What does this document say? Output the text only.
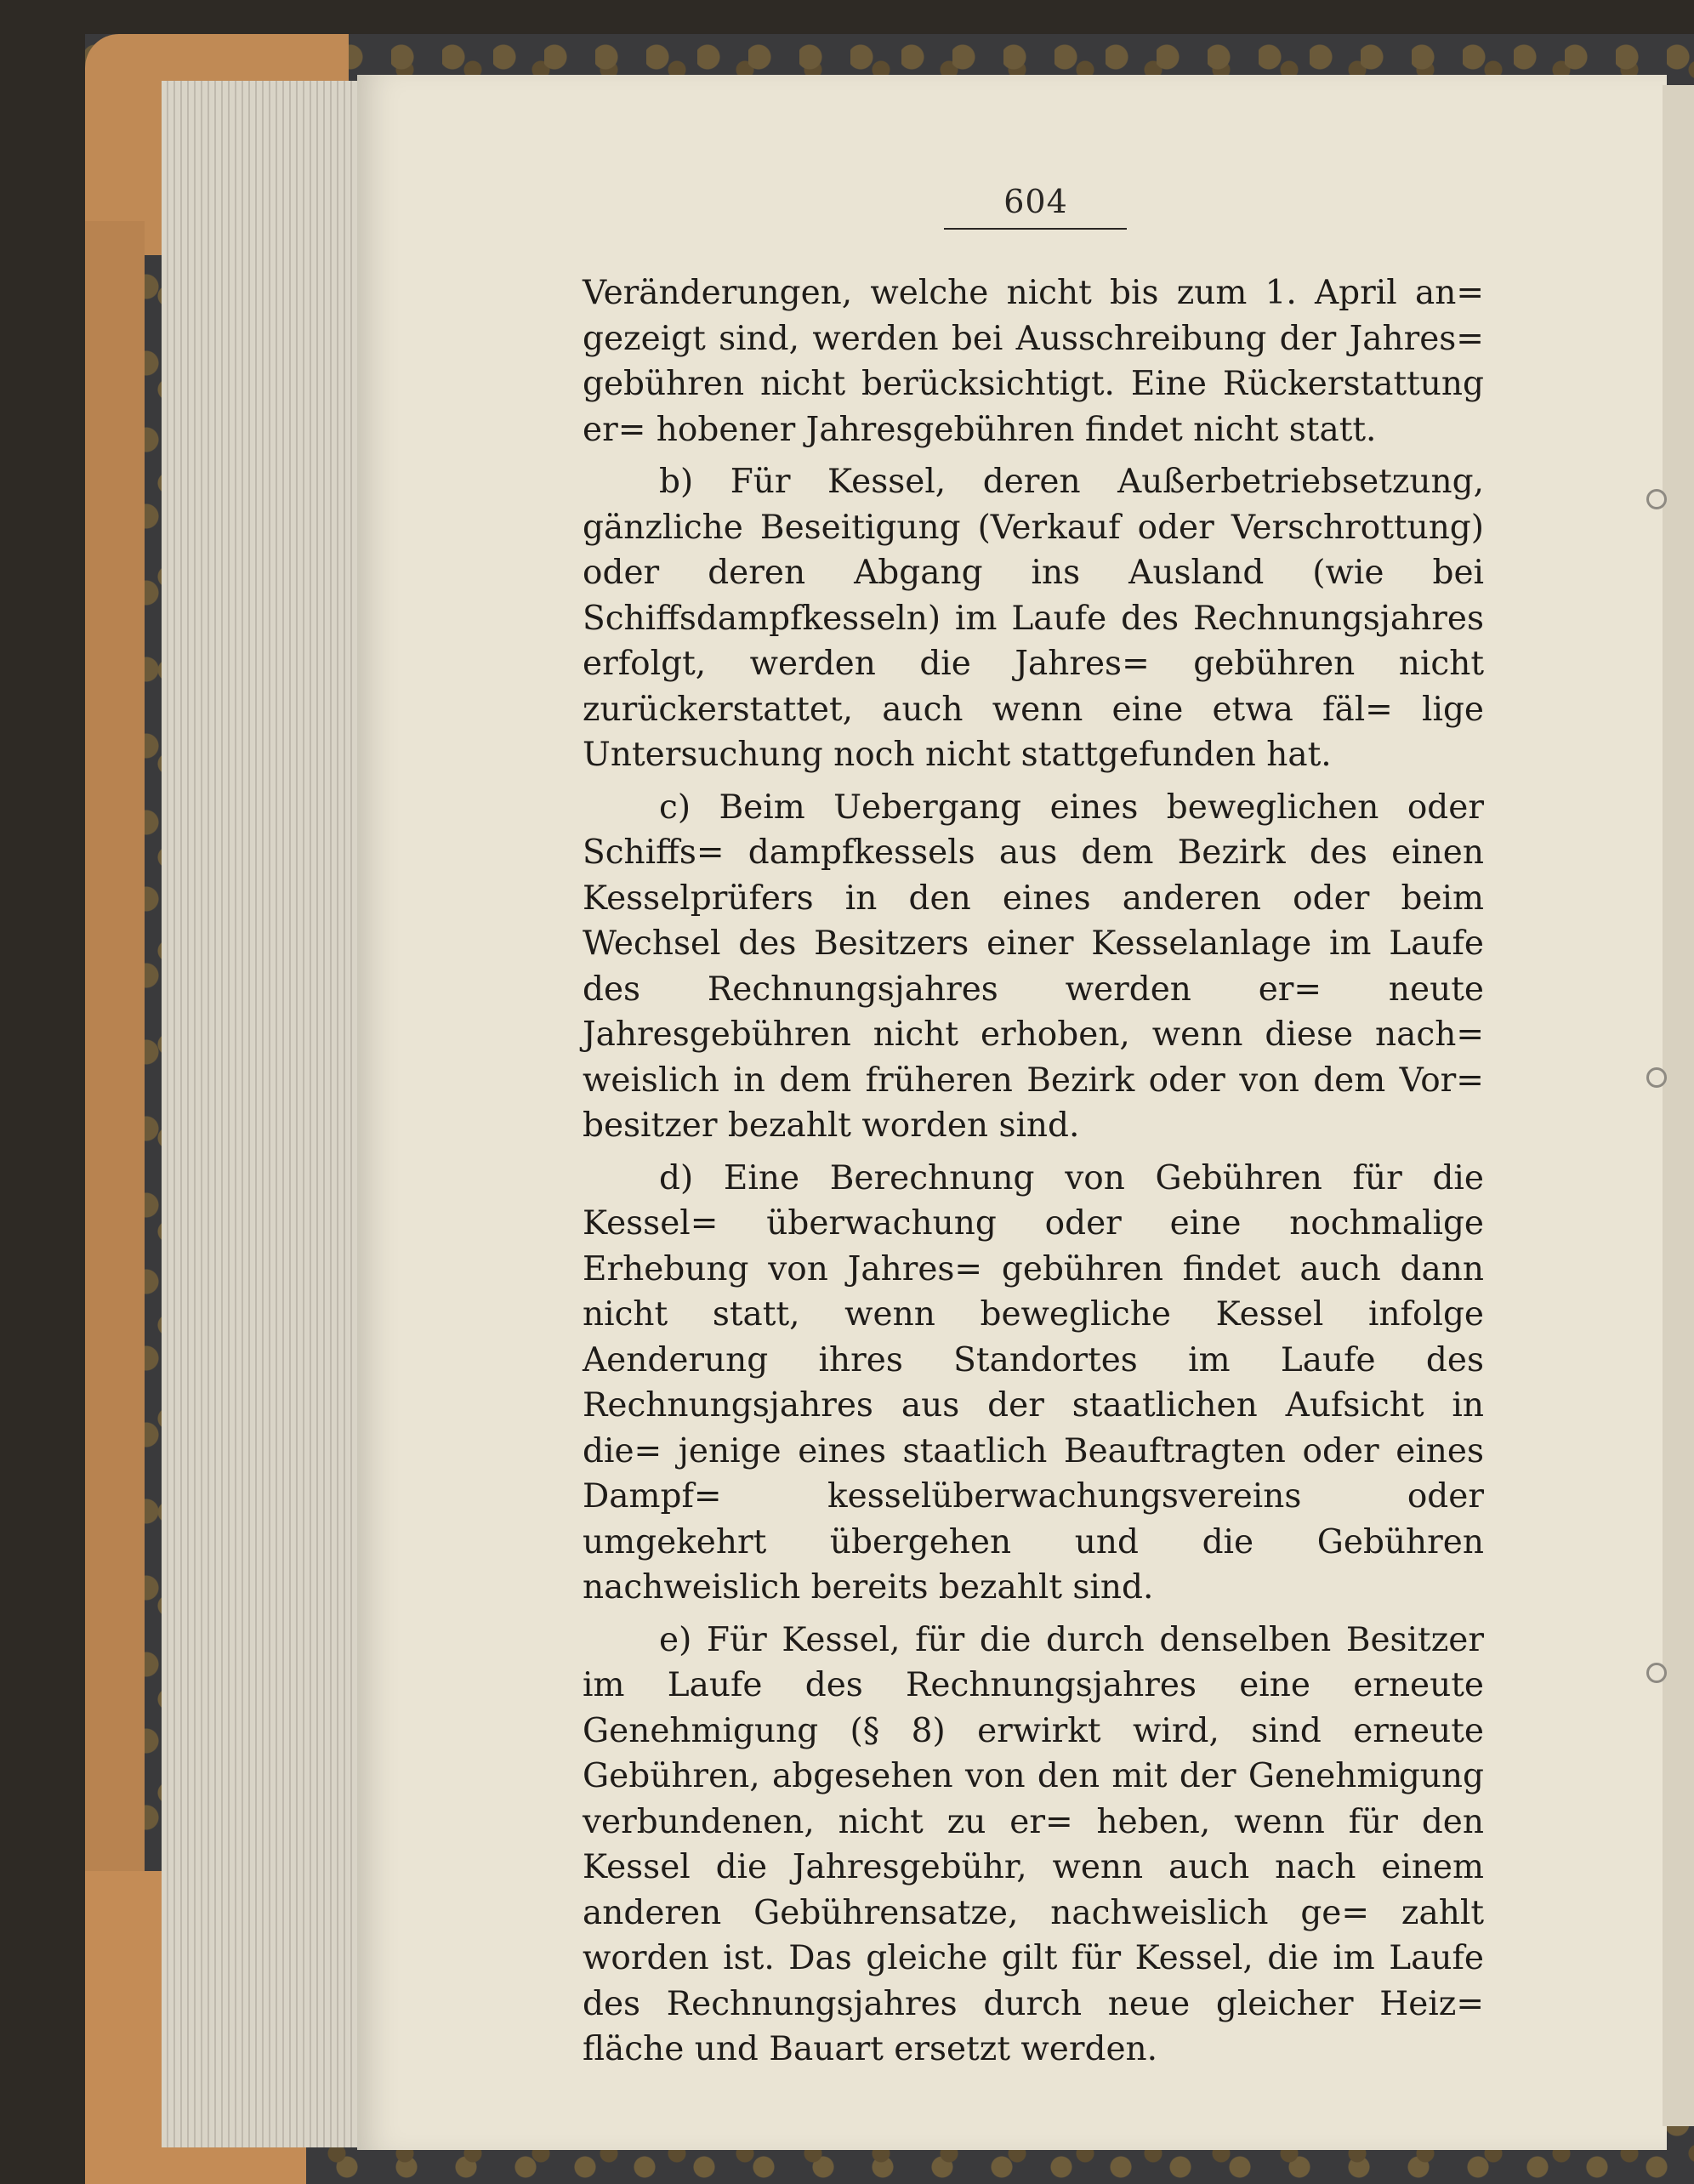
604

Veränderungen, welche nicht bis zum 1. April an= gezeigt sind, werden bei Ausschreibung der Jahres= gebühren nicht berücksichtigt. Eine Rückerstattung er= hobener Jahresgebühren findet nicht statt.

b) Für Kessel, deren Außerbetriebsetzung, gänzliche Beseitigung (Verkauf oder Verschrottung) oder deren Abgang ins Ausland (wie bei Schiffsdampfkesseln) im Laufe des Rechnungsjahres erfolgt, werden die Jahres= gebühren nicht zurückerstattet, auch wenn eine etwa fäl= lige Untersuchung noch nicht stattgefunden hat.

c) Beim Uebergang eines beweglichen oder Schiffs= dampfkessels aus dem Bezirk des einen Kesselprüfers in den eines anderen oder beim Wechsel des Besitzers einer Kesselanlage im Laufe des Rechnungsjahres werden er= neute Jahresgebühren nicht erhoben, wenn diese nach= weislich in dem früheren Bezirk oder von dem Vor= besitzer bezahlt worden sind.

d) Eine Berechnung von Gebühren für die Kessel= überwachung oder eine nochmalige Erhebung von Jahres= gebühren findet auch dann nicht statt, wenn bewegliche Kessel infolge Aenderung ihres Standortes im Laufe des Rechnungsjahres aus der staatlichen Aufsicht in die= jenige eines staatlich Beauftragten oder eines Dampf= kesselüberwachungsvereins oder umgekehrt übergehen und die Gebühren nachweislich bereits bezahlt sind.

e) Für Kessel, für die durch denselben Besitzer im Laufe des Rechnungsjahres eine erneute Genehmigung (§ 8) erwirkt wird, sind erneute Gebühren, abgesehen von den mit der Genehmigung verbundenen, nicht zu er= heben, wenn für den Kessel die Jahresgebühr, wenn auch nach einem anderen Gebührensatze, nachweislich ge= zahlt worden ist. Das gleiche gilt für Kessel, die im Laufe des Rechnungsjahres durch neue gleicher Heiz= fläche und Bauart ersetzt werden.
